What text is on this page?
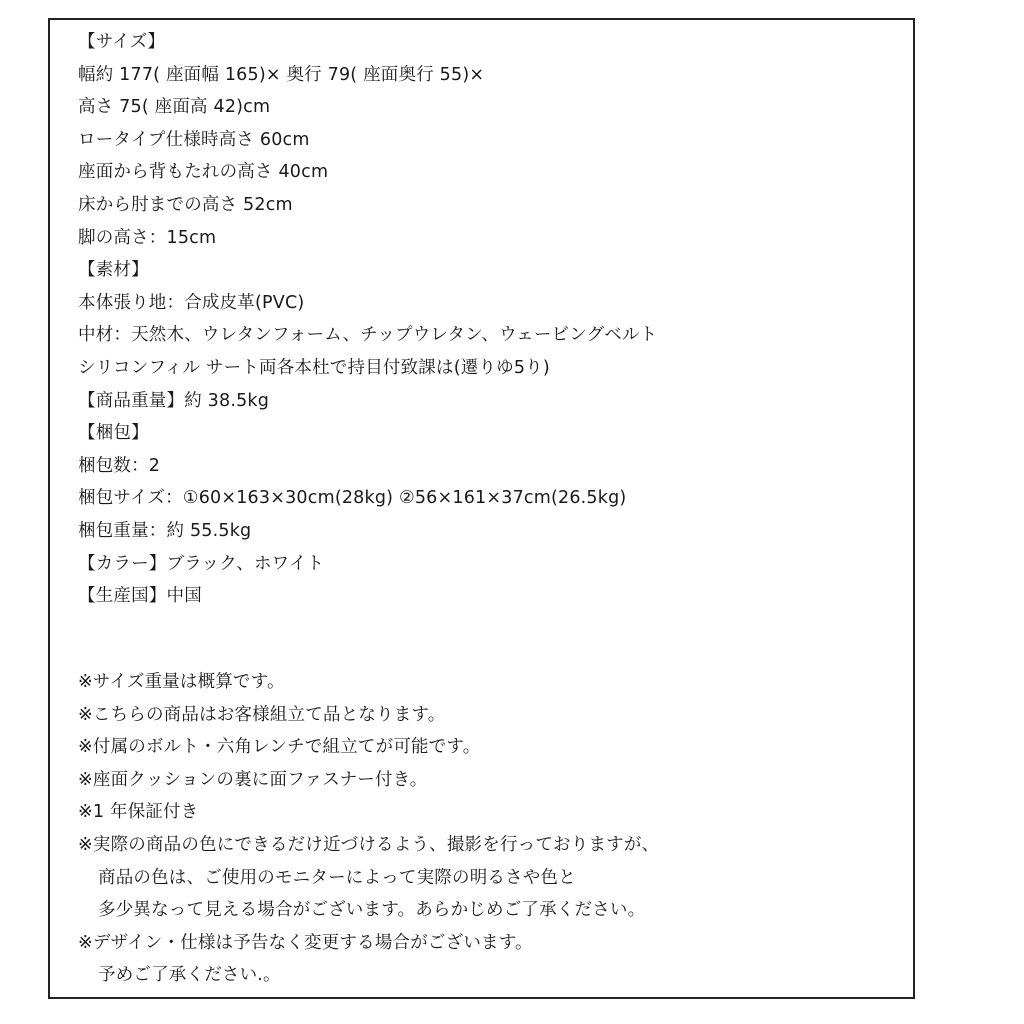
【サイズ】
幅約 177( 座面幅 165)× 奥行 79( 座面奥行 55)×
高さ 75( 座面高 42)cm
ロータイプ仕様時高さ 60cm
座面から背もたれの高さ 40cm
床から肘までの高さ 52cm
脚の高さ：15cm
【素材】
本体張り地：合成皮革(PVC)
中材：天然木、ウレタンフォーム、チップウレタン、ウェービングベルト
シリコンフィル サート両各本杜で持目付致課は(遷りゆ5り)
【商品重量】約 38.5kg
【梱包】
梱包数：2
梱包サイズ：①60×163×30cm(28kg) ②56×161×37cm(26.5kg)
梱包重量：約 55.5kg
【カラー】ブラック、ホワイト
【生産国】中国
※サイズ重量は概算です。
※こちらの商品はお客様組立て品となります。
※付属のボルト・六角レンチで組立てが可能です。
※座面クッションの裏に面ファスナー付き。
※1 年保証付き
※実際の商品の色にできるだけ近づけるよう、撮影を行っておりますが、
商品の色は、ご使用のモニターによって実際の明るさや色と
多少異なって見える場合がございます。あらかじめご了承ください。
※デザイン・仕様は予告なく変更する場合がございます。
予めご了承ください.。
